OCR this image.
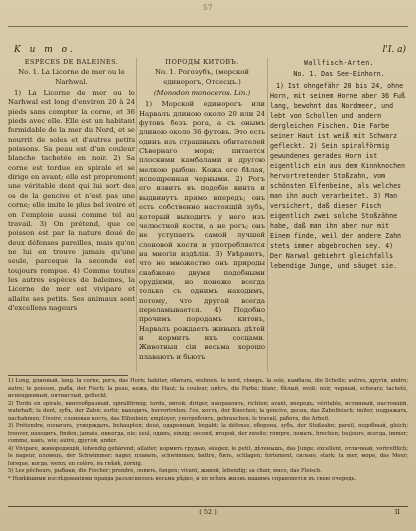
57
K u m o.	l'I. a)
ESPÈCES DE BALEINES.
No. 1. La Licorne de mer ou le Narhwal.

1) La Licorne de mer ou le Narhwal est long d'environ 20 à 24 pieds sans compter la corne, et 36 pieds avec elle. Elle est un habitant formidable de la mer du Nord, et se nourrit de soles et d'autres petits poissons. Sa peau est d'un couleur blanche tachetée en noir. 2) Sa corne est torduе en spirale et se dirige en avant; elle est proprement une véritable dent qui lui sort des os de la gencive et n'est pas une corne; elle imite le plus bel ivoire et on l'emploie aussi comme tel au travail. 3) On prétend, que ce poisson est par la nature doué de deux défenses pareilles, mais qu'on ne lui en trouve jamais qu'une seule, parceque la seconde est toujours rompue. 4) Comme toutes les autres espèces de baleines, la Licorne de mer est vivipare et allaite ses petits. Ses animaux sont d'excellens nageurs

ПОРОДЫ КИТОВЪ.
No. 1. Рогозубъ, (морской единорогъ, Отсесцъ.)
(Monodon monoceros. Lin.)

1) Морской единорогъ или Нарвалъ длиною около 20 или 24 футовъ безъ рога, а съ онымъ длиною около 36 футовъ. Это есть одинъ изъ страшныхъ обитателей Сѣвернаго моря; питается плоскими камбалами и другою мелкою рыбою. Кожа его бѣлая, испещренная черными. 2) Рогъ его извитъ въ подобіе винта и выдвинутъ прямо впередъ; онъ есть собственно настоящій зубъ, который выходитъ у него изъ челюстной кости, а не рогъ; онъ не уступаетъ самой лучшей слоновой кости и употребляется на многія издѣлія. 3) Увѣряютъ, что не множество онъ природы снабжено двумя подобными орудіями, но понеже всегда только съ однимъ находимъ, потому, что другой всегда переламывается. 4) Подобно прочимъ породамъ китовъ, Нарвалъ рождаетъ живыхъ дѣтей и кормитъ ихъ сосцами. Животныя сіи весьма хорошо плаваютъ и бьютъ

Wallfisch-Arten.
No. 1. Das See-Einhorn.

1) Ist ohngefähr 20 bis 24, ohne Horn, mit seinem Horne aber 36 Fuß lang, bewohnt das Nordmeer, und lebt von Schollen und andern dergleichen Fischen. Die Farbe seiner Haut ist weiß mit Schwarz gefleckt. 2) Sein spiralförmig gewundenes gerades Horn ist eigentlich ein aus dem Kinnknochen hervortretender Stoßzahn, vom schönsten Elfenbeine, als welches man ihn auch verarbeitet. 3) Man versichert, daß dieser Fisch eigentlich zwei solche Stoßzähne habe, daß man ihn aber nur mit Einem finde, weil der andere Zahn stets immer abgebrochen sey. 4) Der Narwal gebiehrt gleichfalls lebendige Junge, und säuget sie.

1) Long, длинный, lang. la corne, рогъ, das Horn; habiter, обитать, wohnen. le nord, сѣверъ. la sole, камбала, die Scholle; autres, другія, andre; autre; le poisson, рыба, der Fisch; la peau, кожа, die Haut; la couleur, цвѣтъ, die Farbe; blanc, бѣлый, weiß; noir, черный, schwarz; tacheté, испещренный, пятнистый, gefleckt.

2) Tordu en spirale, винтообразный, spiralförmig; tordu, витой; diriger, направлять, richten; avant, впередъ; véritable, истинный, настоящій, wahrhaft; la dent, зубъ, der Zahn; sortir, выходить, hervortreten; l'os, кость, der Knochen; la gencive, десна, das Zahnfleisch; imiter, подражать, nachahmen; l'ivoire, слоновая кость, das Elfenbein; employer, употреблять, gebrauchen; le travail, работа, die Arbeit.

3) Prétendre, полагать, утверждать, behaupten; doué, одаренный, begabt; la défense, оборона, зубъ, der Stoßzahn; pareil, подобный, gleich; trouver, находить, finden; jamais, никогда, nie; seul, одинъ, einzig; second, второй, der zweite; rompre, ломать, brechen; toujours, всегда, immer; comme, какъ, wie; autre, другой, ander.

4) Vivipare, живородящій, lebendig gebärend; allaiter, кормить грудью, säugen; le petit, дѣтенышъ, das Junge; excellent, отличный, vortrefflich; le nageur, пловецъ, der Schwimmer; nager, плавать, schwimmen; battre, бить, schlagen; fortement, сильно, stark; la mer, море, das Meer; lorsque, когда, wenn; en colère, въ гнѣвѣ, zornig.

5) Les pêcheurs, рыбаки, die Fischer; prendre, ловить, fangen; vivant, живой, lebendig; sa chair, мясо, das Fleisch.

* Новѣйшими изслѣдованіями правда разъяснилось весьма рѣдко, и по всѣмъ жизнь нашимъ справляется въ свою очередь.

( 52 )	II
